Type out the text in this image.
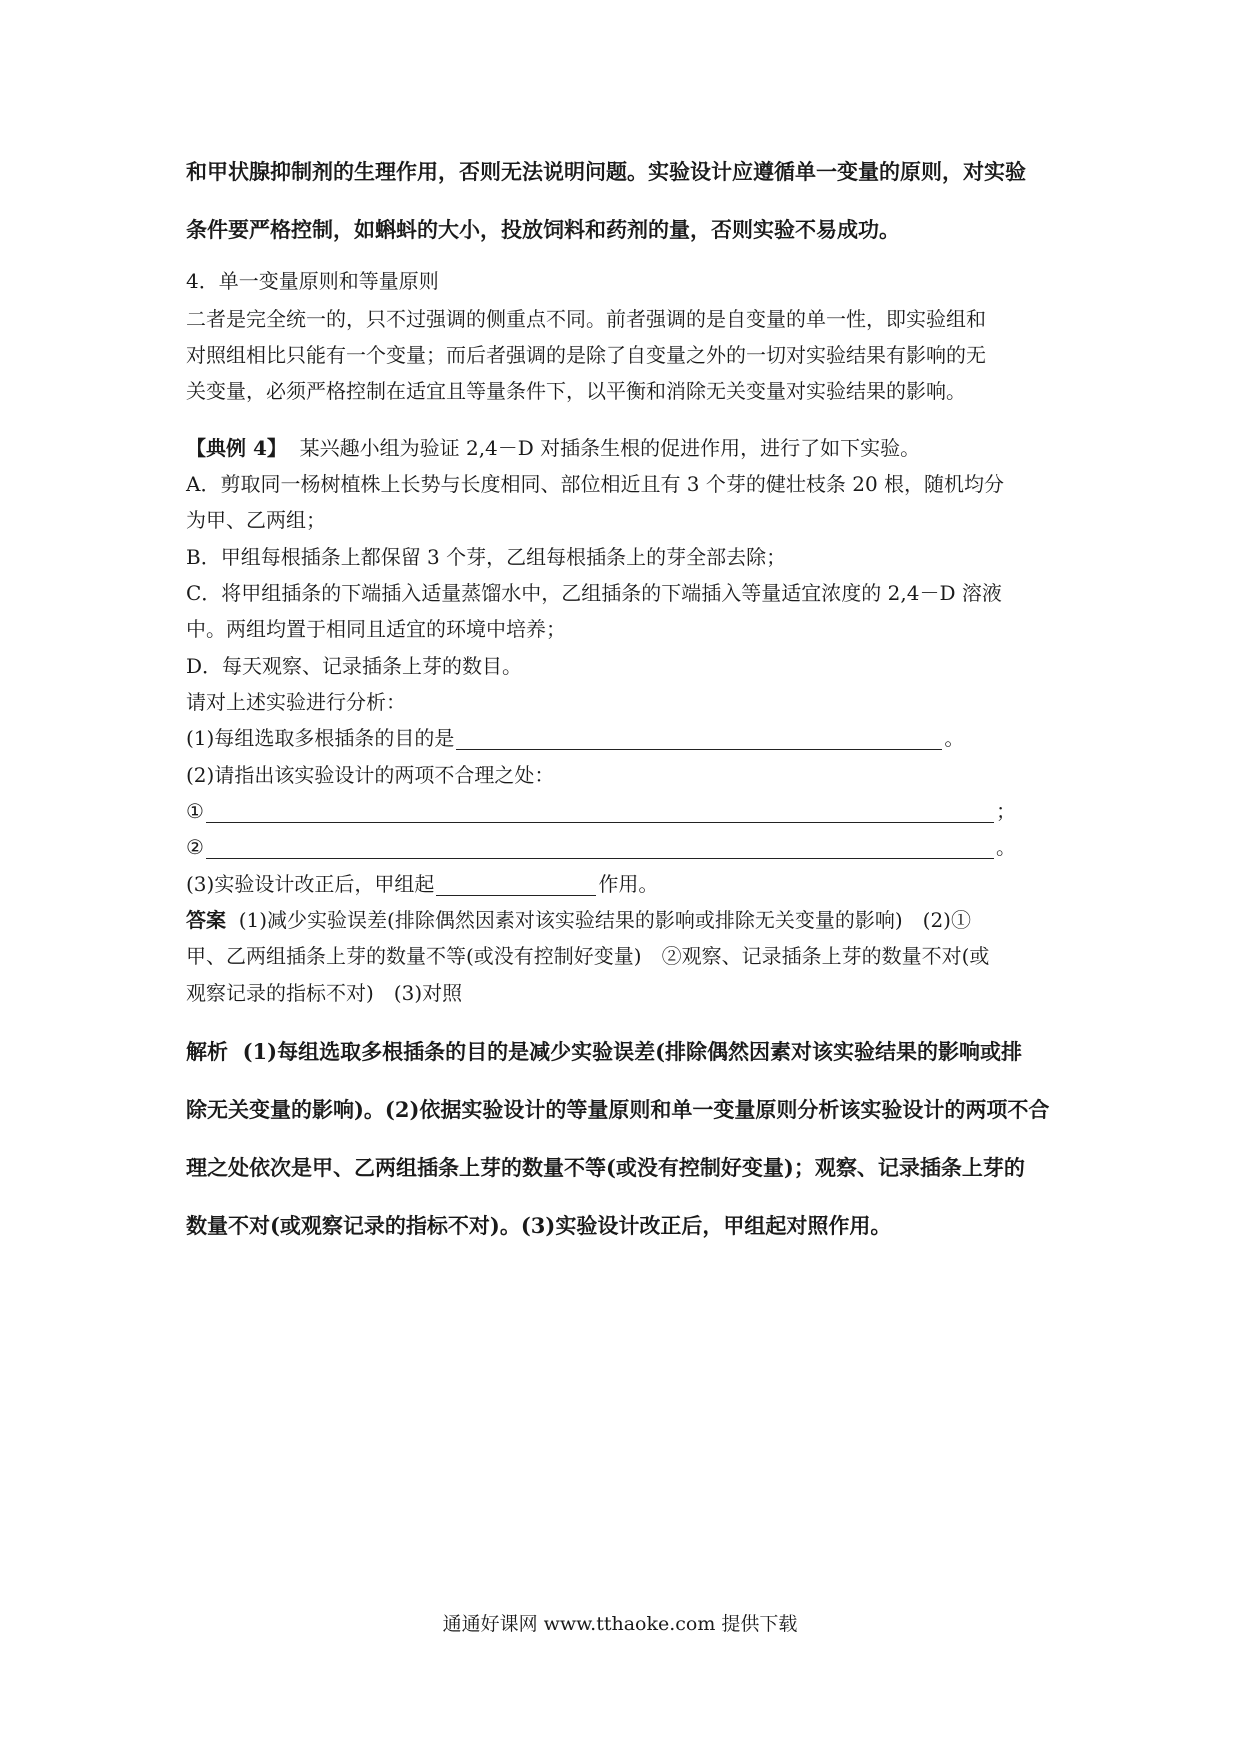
和甲状腺抑制剂的生理作用，否则无法说明问题。实验设计应遵循单一变量的原则，对实验
条件要严格控制，如蝌蚪的大小，投放饲料和药剂的量，否则实验不易成功。
4．单一变量原则和等量原则
二者是完全统一的，只不过强调的侧重点不同。前者强调的是自变量的单一性，即实验组和
对照组相比只能有一个变量；而后者强调的是除了自变量之外的一切对实验结果有影响的无
关变量，必须严格控制在适宜且等量条件下，以平衡和消除无关变量对实验结果的影响。
【典例 4】 某兴趣小组为验证 2,4－D 对插条生根的促进作用，进行了如下实验。
A．剪取同一杨树植株上长势与长度相同、部位相近且有 3 个芽的健壮枝条 20 根，随机均分
为甲、乙两组；
B．甲组每根插条上都保留 3 个芽，乙组每根插条上的芽全部去除；
C．将甲组插条的下端插入适量蒸馏水中，乙组插条的下端插入等量适宜浓度的 2,4－D 溶液
中。两组均置于相同且适宜的环境中培养；
D．每天观察、记录插条上芽的数目。
请对上述实验进行分析：
(1)每组选取多根插条的目的是	。
(2)请指出该实验设计的两项不合理之处：
①	；
②	。
(3)实验设计改正后，甲组起	作用。
答案 (1)减少实验误差(排除偶然因素对该实验结果的影响或排除无关变量的影响)　(2)①
甲、乙两组插条上芽的数量不等(或没有控制好变量)　②观察、记录插条上芽的数量不对(或
观察记录的指标不对)　(3)对照
解析 (1)每组选取多根插条的目的是减少实验误差(排除偶然因素对该实验结果的影响或排
除无关变量的影响)。(2)依据实验设计的等量原则和单一变量原则分析该实验设计的两项不合
理之处依次是甲、乙两组插条上芽的数量不等(或没有控制好变量)；观察、记录插条上芽的
数量不对(或观察记录的指标不对)。(3)实验设计改正后，甲组起对照作用。
通通好课网 www.tthaoke.com 提供下载
